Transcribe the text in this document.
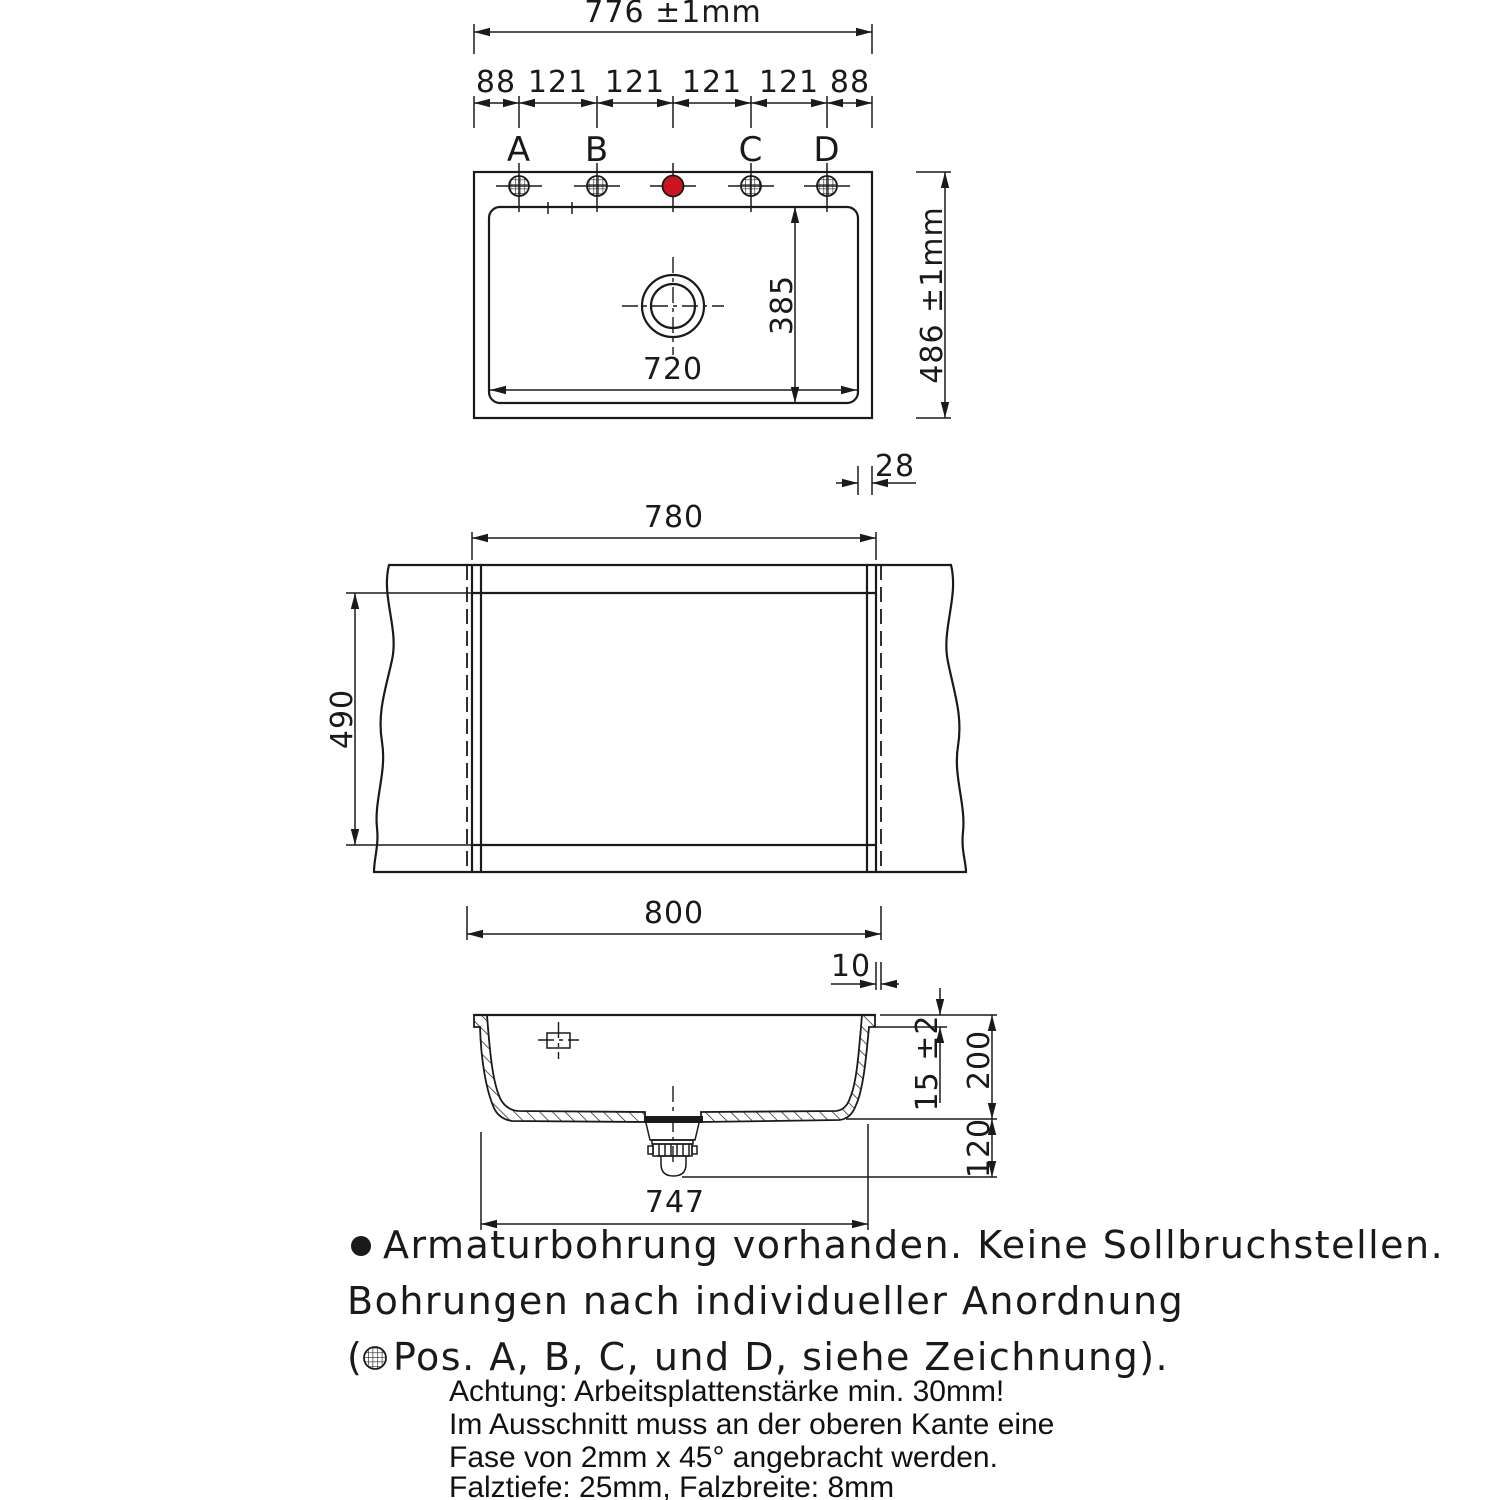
776 ±1mm
88 121 121 121 121 88
A B	C D
720
385	486 ±1mm
28
780
490
800
10
15 ±2 200
120
747
Armaturbohrung vorhanden. Keine Sollbruchstellen.
Bohrungen nach individueller Anordnung
( Pos. A, B, C, und D, siehe Zeichnung).
Achtung: Arbeitsplattenstärke min. 30mm!
Im Ausschnitt muss an der oberen Kante eine
Fase von 2mm x 45° angebracht werden.
Falztiefe: 25mm, Falzbreite: 8mm
